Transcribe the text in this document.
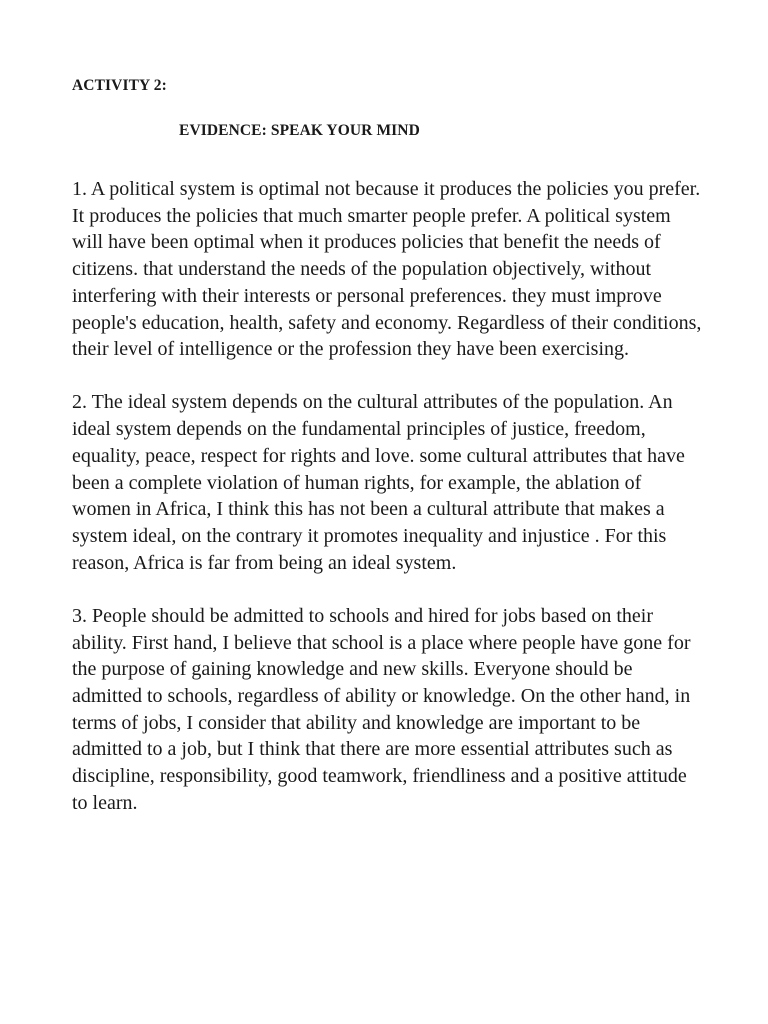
ACTIVITY 2:
EVIDENCE: SPEAK YOUR MIND

1. A political system is optimal not because it produces the policies you prefer. It produces the policies that much smarter people prefer. A political system will have been optimal when it produces policies that benefit the needs of citizens. that understand the needs of the population objectively, without interfering with their interests or personal preferences. they must improve people's education, health, safety and economy. Regardless of their conditions, their level of intelligence or the profession they have been exercising.

2. The ideal system depends on the cultural attributes of the population. An ideal system depends on the fundamental principles of justice, freedom, equality, peace, respect for rights and love. some cultural attributes that have been a complete violation of human rights, for example, the ablation of women in Africa, I think this has not been a cultural attribute that makes a system ideal, on the contrary it promotes inequality and injustice . For this reason, Africa is far from being an ideal system.

3. People should be admitted to schools and hired for jobs based on their ability. First hand, I believe that school is a place where people have gone for the purpose of gaining knowledge and new skills. Everyone should be admitted to schools, regardless of ability or knowledge. On the other hand, in terms of jobs, I consider that ability and knowledge are important to be admitted to a job, but I think that there are more essential attributes such as discipline, responsibility, good teamwork, friendliness and a positive attitude to learn.
